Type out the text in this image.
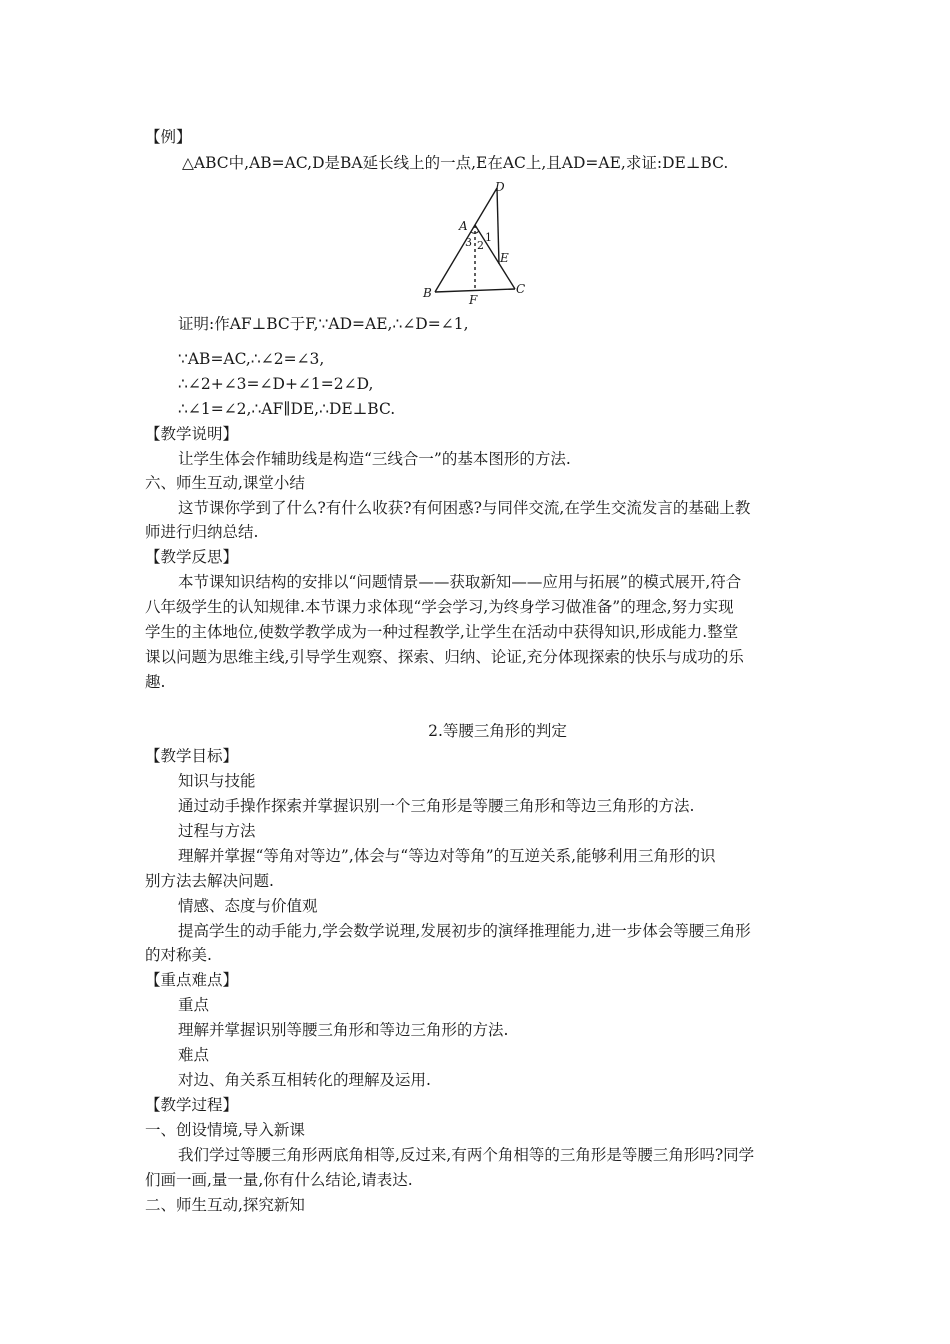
【例】
△ABC中,AB=AC,D是BA延长线上的一点,E在AC上,且AD=AE,求证:DE⊥BC.
D
A
E
B	F
C
1
2
3
证明:作AF⊥BC于F,∵AD=AE,∴∠D=∠1,
∵AB=AC,∴∠2=∠3,
∴∠2+∠3=∠D+∠1=2∠D,
∴∠1=∠2,∴AF∥DE,∴DE⊥BC.
【教学说明】
让学生体会作辅助线是构造“三线合一”的基本图形的方法.
六、师生互动,课堂小结
这节课你学到了什么?有什么收获?有何困惑?与同伴交流,在学生交流发言的基础上教
师进行归纳总结.
【教学反思】
本节课知识结构的安排以“问题情景——获取新知——应用与拓展”的模式展开,符合
八年级学生的认知规律.本节课力求体现“学会学习,为终身学习做准备”的理念,努力实现
学生的主体地位,使数学教学成为一种过程教学,让学生在活动中获得知识,形成能力.整堂
课以问题为思维主线,引导学生观察、探索、归纳、论证,充分体现探索的快乐与成功的乐
趣.
2.等腰三角形的判定
【教学目标】
知识与技能
通过动手操作探索并掌握识别一个三角形是等腰三角形和等边三角形的方法.
过程与方法
理解并掌握“等角对等边”,体会与“等边对等角”的互逆关系,能够利用三角形的识
别方法去解决问题.
情感、态度与价值观
提高学生的动手能力,学会数学说理,发展初步的演绎推理能力,进一步体会等腰三角形
的对称美.
【重点难点】
重点
理解并掌握识别等腰三角形和等边三角形的方法.
难点
对边、角关系互相转化的理解及运用.
【教学过程】
一、创设情境,导入新课
我们学过等腰三角形两底角相等,反过来,有两个角相等的三角形是等腰三角形吗?同学
们画一画,量一量,你有什么结论,请表达.
二、师生互动,探究新知
